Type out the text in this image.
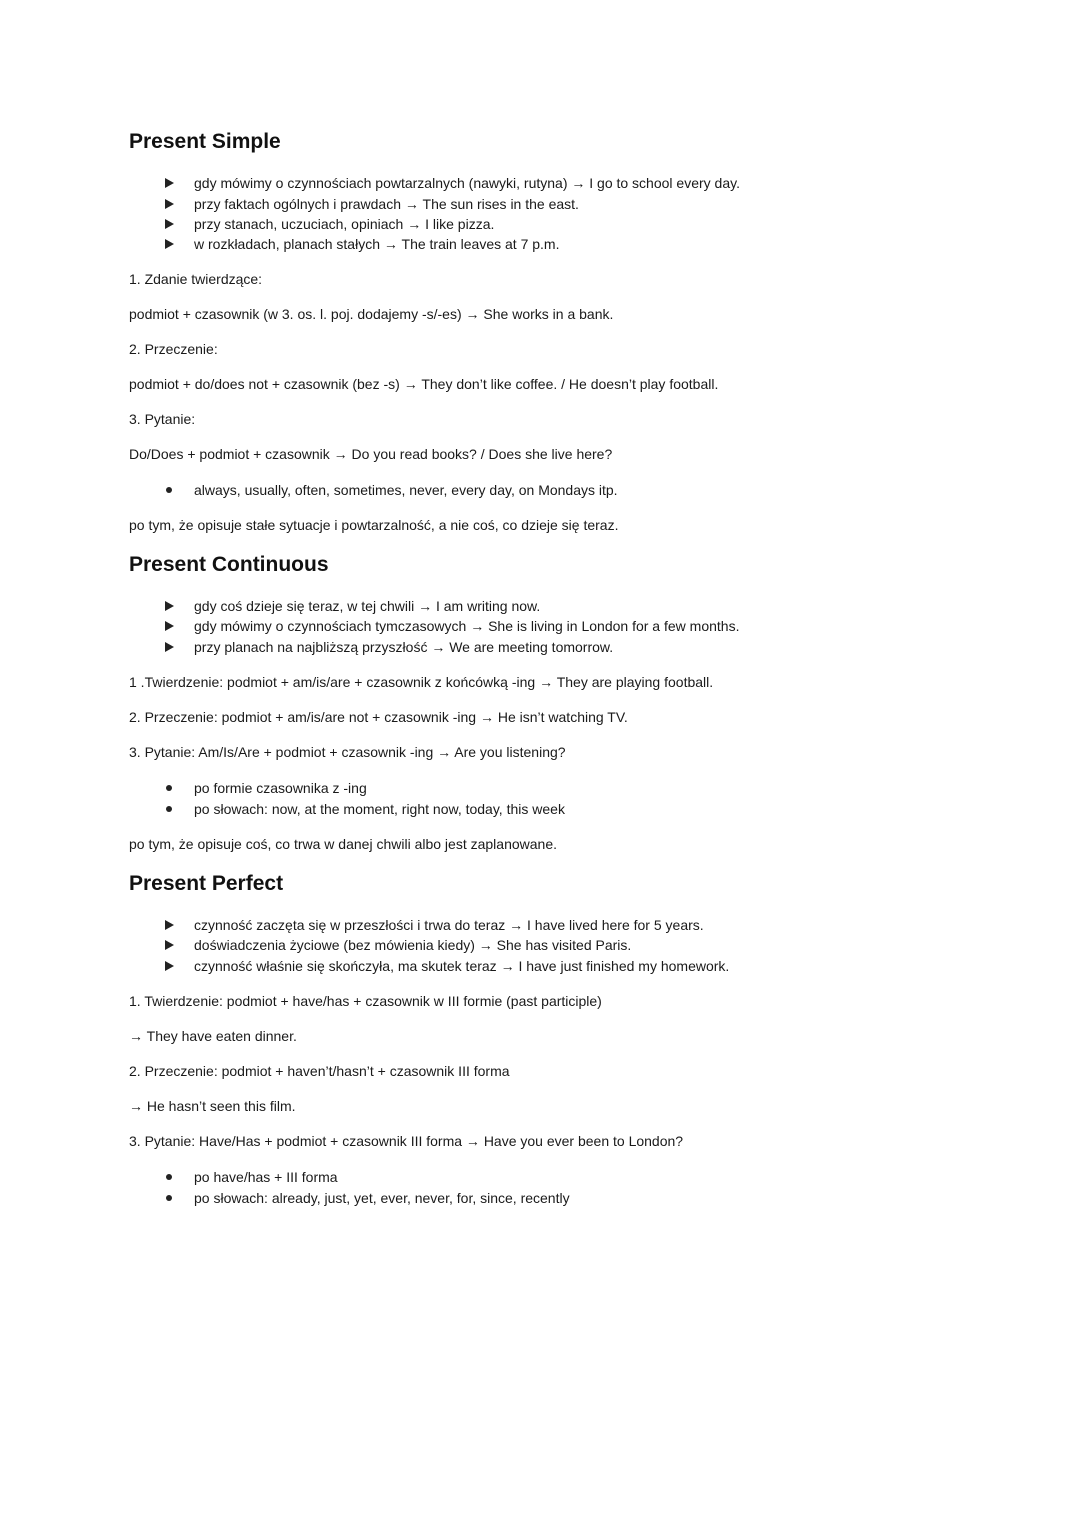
Present Simple
gdy mówimy o czynnościach powtarzalnych (nawyki, rutyna) → I go to school every day.
przy faktach ogólnych i prawdach → The sun rises in the east.
przy stanach, uczuciach, opiniach → I like pizza.
w rozkładach, planach stałych → The train leaves at 7 p.m.
1. Zdanie twierdzące:
podmiot + czasownik (w 3. os. l. poj. dodajemy -s/-es) → She works in a bank.
2. Przeczenie:
podmiot + do/does not + czasownik (bez -s) → They don’t like coffee. / He doesn’t play football.
3. Pytanie:
Do/Does + podmiot + czasownik → Do you read books? / Does she live here?
always, usually, often, sometimes, never, every day, on Mondays itp.
po tym, że opisuje stałe sytuacje i powtarzalność, a nie coś, co dzieje się teraz.
Present Continuous
gdy coś dzieje się teraz, w tej chwili → I am writing now.
gdy mówimy o czynnościach tymczasowych → She is living in London for a few months.
przy planach na najbliższą przyszłość → We are meeting tomorrow.
1 .Twierdzenie: podmiot + am/is/are + czasownik z końcówką -ing → They are playing football.
2. Przeczenie: podmiot + am/is/are not + czasownik -ing → He isn’t watching TV.
3. Pytanie: Am/Is/Are + podmiot + czasownik -ing → Are you listening?
po formie czasownika z -ing
po słowach: now, at the moment, right now, today, this week
po tym, że opisuje coś, co trwa w danej chwili albo jest zaplanowane.
Present Perfect
czynność zaczęta się w przeszłości i trwa do teraz → I have lived here for 5 years.
doświadczenia życiowe (bez mówienia kiedy) → She has visited Paris.
czynność właśnie się skończyła, ma skutek teraz → I have just finished my homework.
1. Twierdzenie: podmiot + have/has + czasownik w III formie (past participle)
→ They have eaten dinner.
2. Przeczenie: podmiot + haven’t/hasn’t + czasownik III forma
→ He hasn’t seen this film.
3. Pytanie: Have/Has + podmiot + czasownik III forma → Have you ever been to London?
po have/has + III forma
po słowach: already, just, yet, ever, never, for, since, recently
